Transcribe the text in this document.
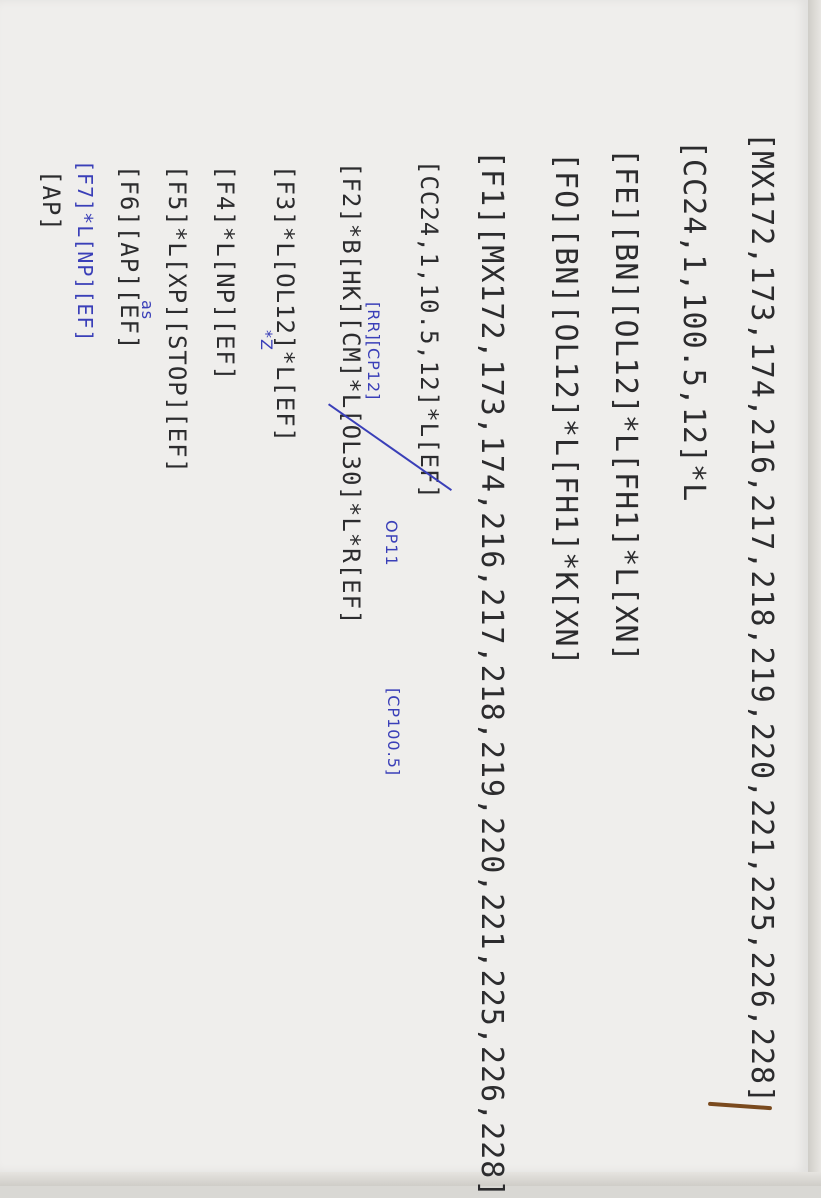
[MX172,173,174,216,217,218,219,220,221,225,226,228]
[CC24,1,100.5,12]*L
[FE][BN][OL12]*L[FH1]*L[XN]
[FO][BN][OL12]*L[FH1]*K[XN]
[F1][MX172,173,174,216,217,218,219,220,221,225,226,228]
[CC24,1,10.5,12]*L[EF]
[RR][CP12]
[F2]*B[HK][CM]*L[OL30]*L*R[EF] OP11
[CP100.5]
[F3]*L[OL12]*L[EF]
*Z
[F4]*L[NP][EF]
[F5]*L[XP][STOP][EF]
[F6][AP][EF]
as
[F7]*L[NP][EF]
[AP]
